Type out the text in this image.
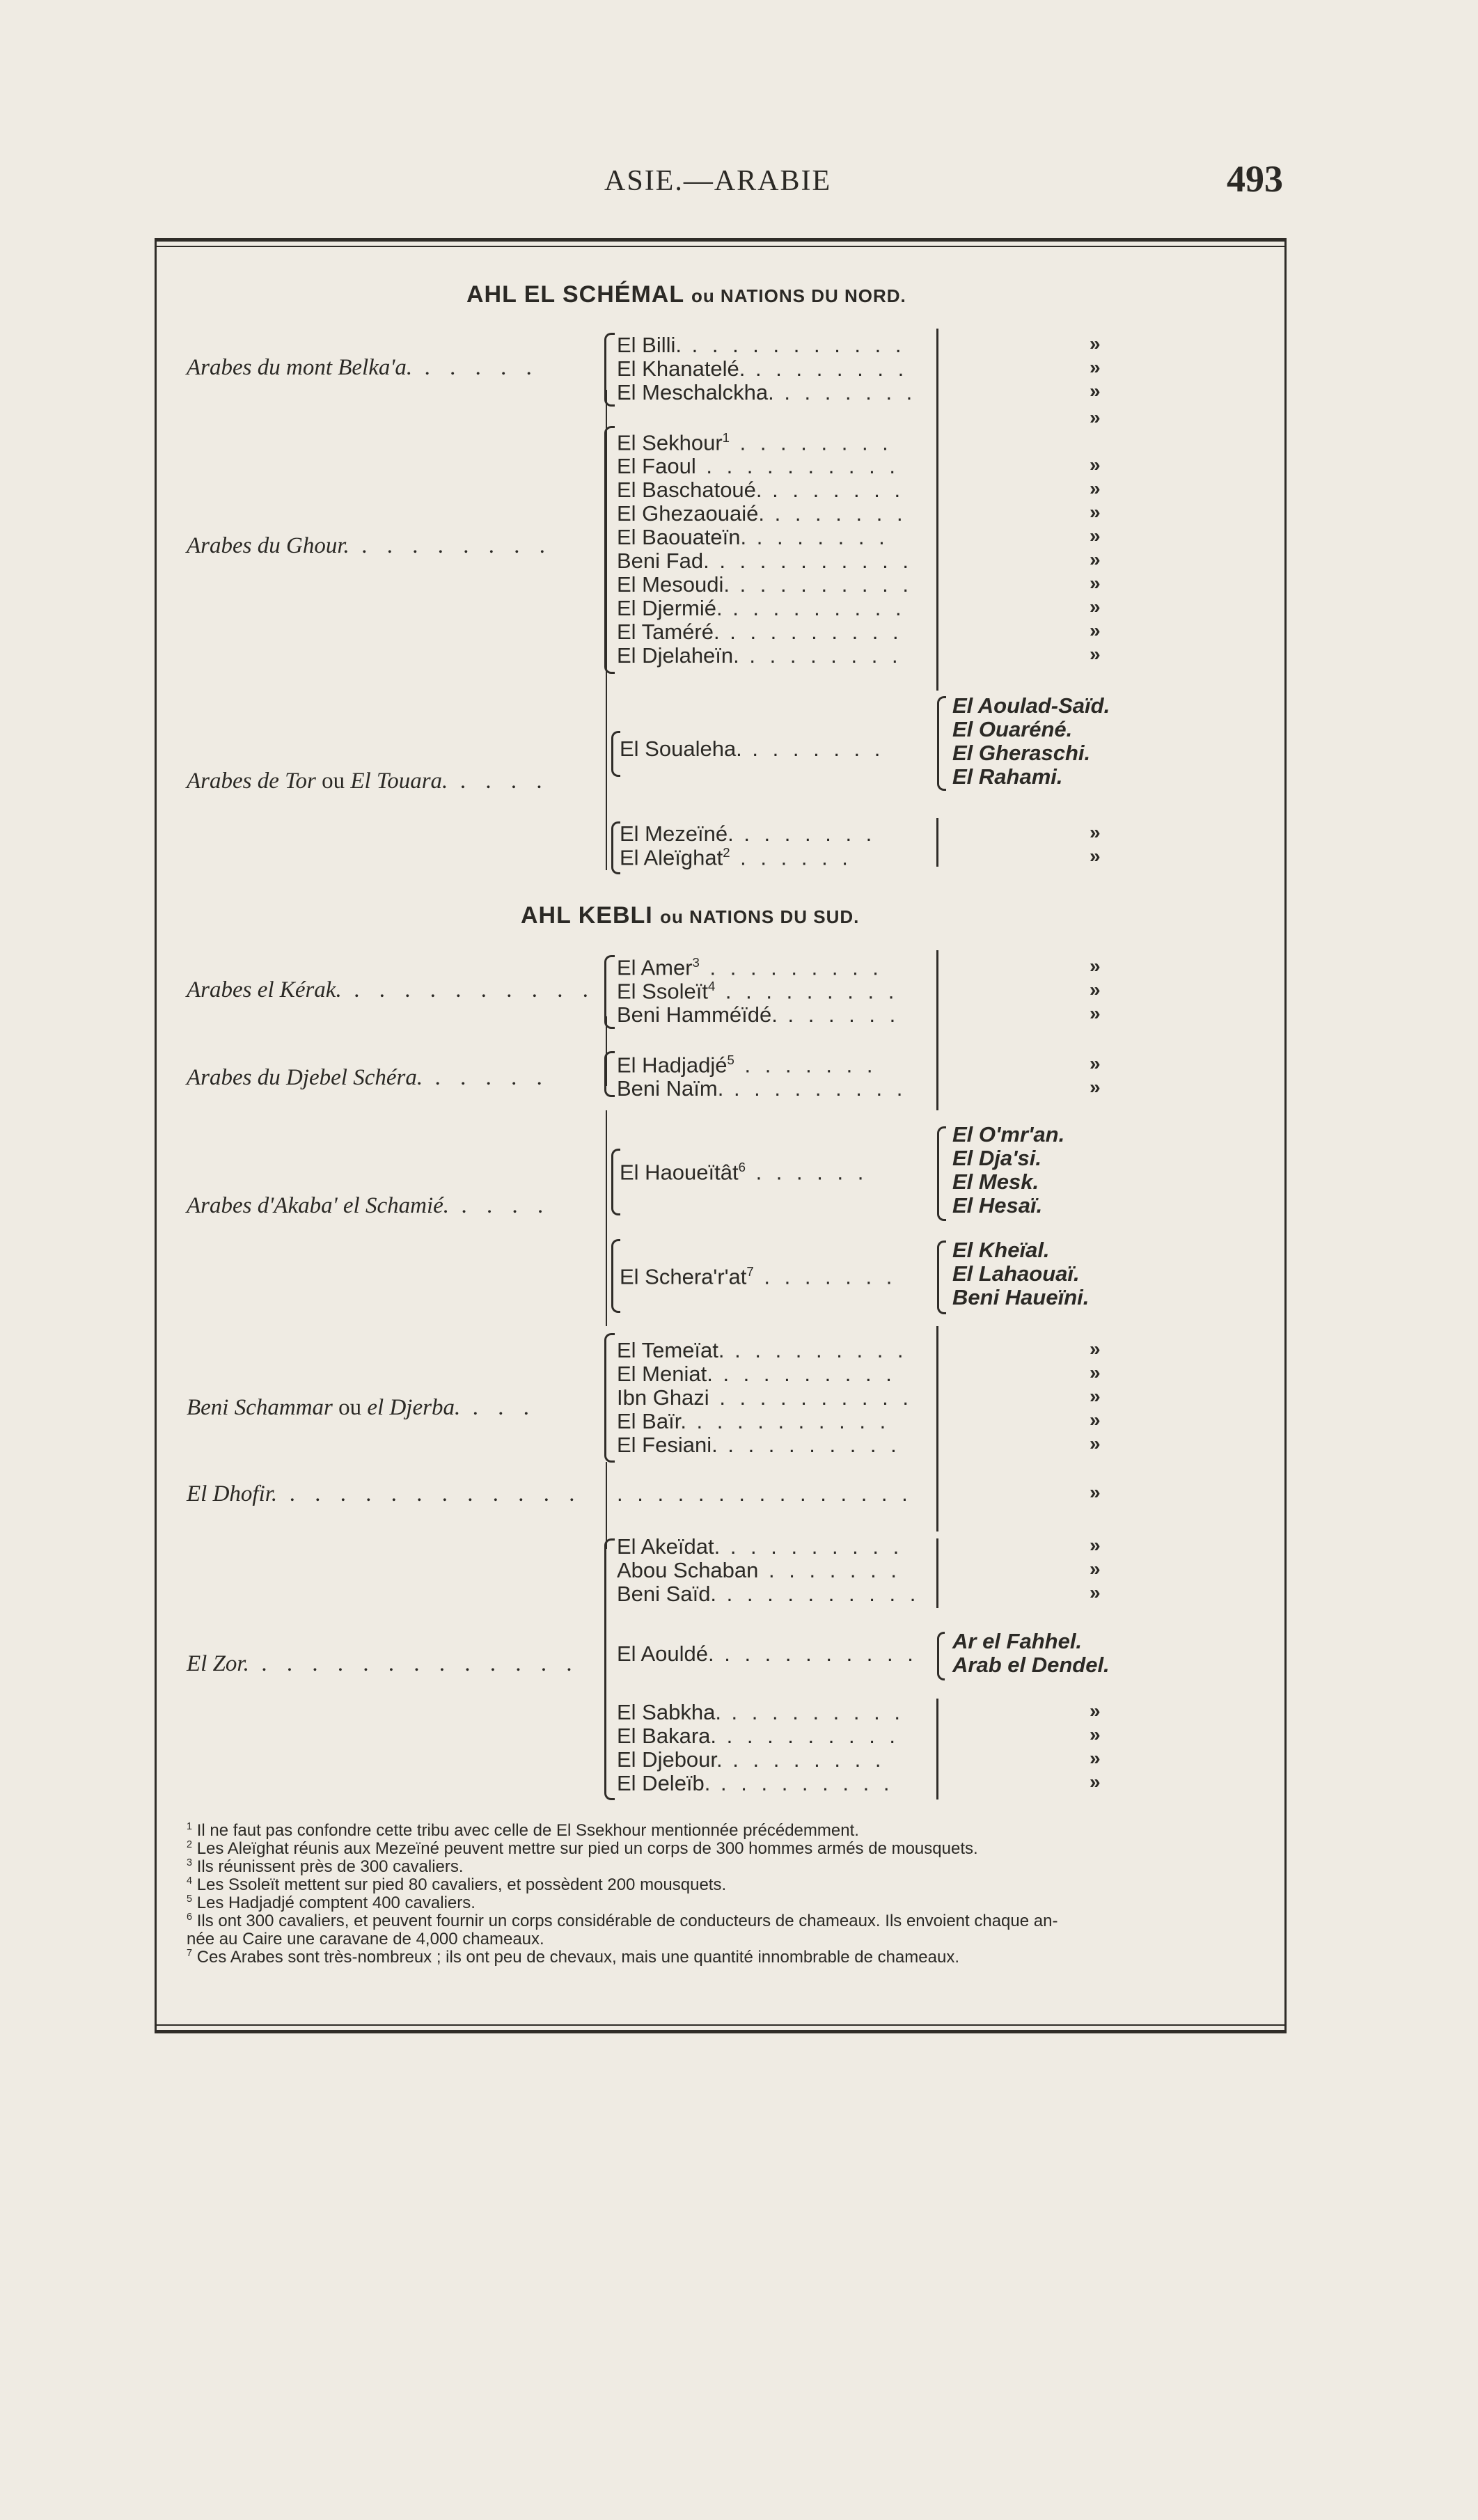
ASIE.—ARABIE	493
AHL EL SCHÉMAL ou NATIONS DU NORD.
Arabes du mont Belka'a. . . . . .
Arabes du Ghour. . . . . . . . .
Arabes de Tor ou El Touara. . . . .
El Billi. . . . . . . . . . . .
El Khanatelé. . . . . . . . .
El Meschalckha. . . . . . . .
El Sekhour$^1$ . . . . . . . .
El Faoul . . . . . . . . . .
El Baschatoué. . . . . . . .
El Ghezaouaié. . . . . . . .
El Baouateïn. . . . . . . .
Beni Fad. . . . . . . . . . .
El Mesoudi. . . . . . . . . .
El Djermié. . . . . . . . . .
El Taméré. . . . . . . . . .
El Djelaheïn. . . . . . . . .
El Soualeha. . . . . . . .
El Mezeïné. . . . . . . .
El Aleïghat$^2$ . . . . . .
»
»
»
»
»
»
»
»
»
»
»
»
»
»
»
El Aoulad-Saïd.
El Ouaréné.
El Gheraschi.
El Rahami.
AHL KEBLI ou NATIONS DU SUD.
Arabes el Kérak. . . . . . . . . . .
Arabes du Djebel Schéra. . . . . .
Arabes d'Akaba' el Schamié. . . . .
Beni Schammar ou el Djerba. . . .
El Dhofir. . . . . . . . . . . . . . . . . . . . . . . . . . . .
El Zor. . . . . . . . . . . . . .
El Amer$^3$ . . . . . . . . .
El Ssoleït$^4$ . . . . . . . . .
Beni Hamméïdé. . . . . . .
El Hadjadjé$^5$ . . . . . . .
Beni Naïm. . . . . . . . . .
El Haoueïtât$^6$ . . . . . .
El $Schera'r'at^7$ . . . . . . .
El Temeïat. . . . . . . . . .
El Meniat. . . . . . . . . .
Ibn Ghazi . . . . . . . . . .
El Baïr. . . . . . . . . . .
El Fesiani. . . . . . . . . .
El Akeïdat. . . . . . . . . .
Abou Schaban . . . . . . .
Beni Saïd. . . . . . . . . . .
El Aouldé. . . . . . . . . . .
El Sabkha. . . . . . . . . .
El Bakara. . . . . . . . . .
El Djebour. . . . . . . . .
El Deleïb. . . . . . . . . .
»
»
»
»
»
»
»
»
»
»
»
»
»
»
»
»
»
»
El O'mr'an.
El Dja'si.
El Mesk.
El Hesaï.
El Kheïal.
El Lahaouaï.
Beni Haueïni.
Ar el Fahhel.
Arab el Dendel.
$^1$ Il ne faut pas confondre cette tribu avec celle de El Ssekhour mentionnée précédemment.
$^2$ Les Aleïghat réunis aux Mezeïné peuvent mettre sur pied un corps de 300 hommes armés de mousquets.
$^3$ Ils réunissent près de 300 cavaliers.
$^4$ Les Ssoleït mettent sur pied 80 cavaliers, et possèdent 200 mousquets.
$^5$ Les Hadjadjé comptent 400 cavaliers.
$^6$ Ils ont 300 cavaliers, et peuvent fournir un corps considérable de conducteurs de chameaux. Ils envoient chaque an-
née au Caire une caravane de 4,000 chameaux.
$^7$ Ces Arabes sont très-nombreux ; ils ont peu de chevaux, mais une quantité innombrable de chameaux.
